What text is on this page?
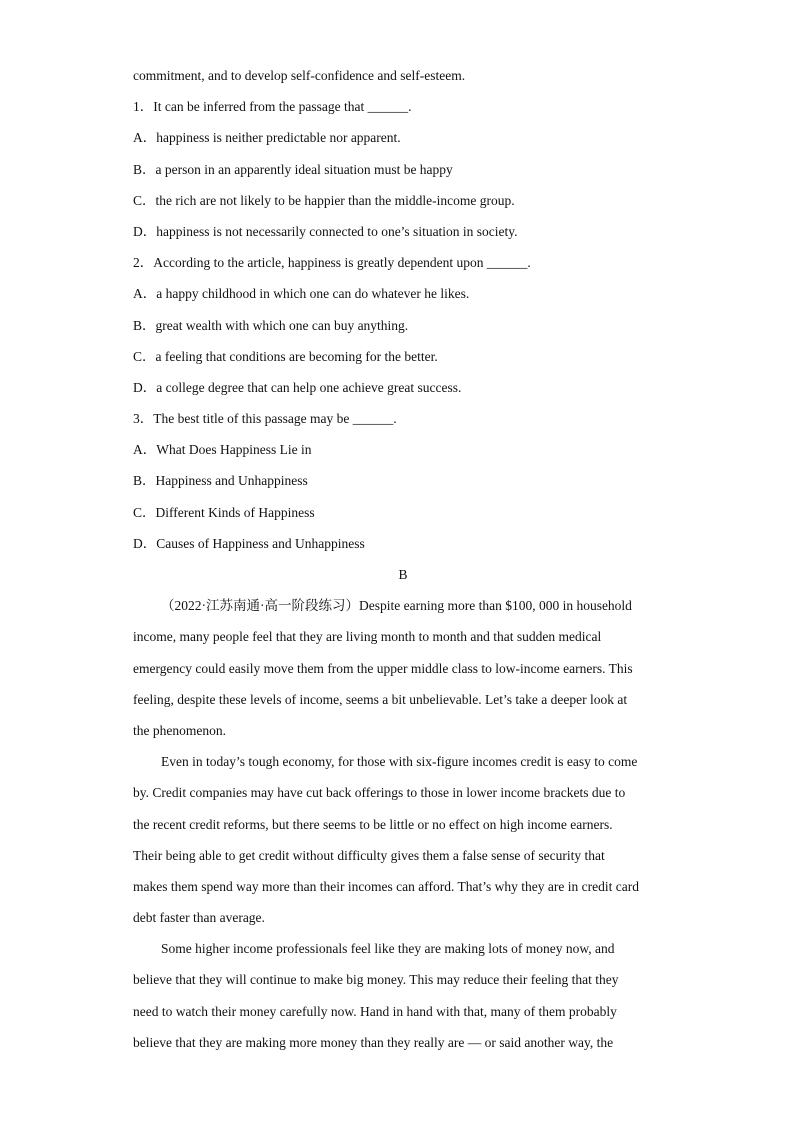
commitment, and to develop self-confidence and self-esteem.
1．It can be inferred from the passage that ______.
A．happiness is neither predictable nor apparent.
B．a person in an apparently ideal situation must be happy
C．the rich are not likely to be happier than the middle-income group.
D．happiness is not necessarily connected to one’s situation in society.
2．According to the article, happiness is greatly dependent upon ______.
A．a happy childhood in which one can do whatever he likes.
B．great wealth with which one can buy anything.
C．a feeling that conditions are becoming for the better.
D．a college degree that can help one achieve great success.
3．The best title of this passage may be ______.
A．What Does Happiness Lie in
B．Happiness and Unhappiness
C．Different Kinds of Happiness
D．Causes of Happiness and Unhappiness
B
（2022·江苏南通·高一阶段练习）Despite earning more than $100, 000 in household
income, many people feel that they are living month to month and that sudden medical
emergency could easily move them from the upper middle class to low-income earners. This
feeling, despite these levels of income, seems a bit unbelievable. Let’s take a deeper look at
the phenomenon.
Even in today’s tough economy, for those with six-figure incomes credit is easy to come
by. Credit companies may have cut back offerings to those in lower income brackets due to
the recent credit reforms, but there seems to be little or no effect on high income earners.
Their being able to get credit without difficulty gives them a false sense of security that
makes them spend way more than their incomes can afford. That’s why they are in credit card
debt faster than average.
Some higher income professionals feel like they are making lots of money now, and
believe that they will continue to make big money. This may reduce their feeling that they
need to watch their money carefully now. Hand in hand with that, many of them probably
believe that they are making more money than they really are — or said another way, the
